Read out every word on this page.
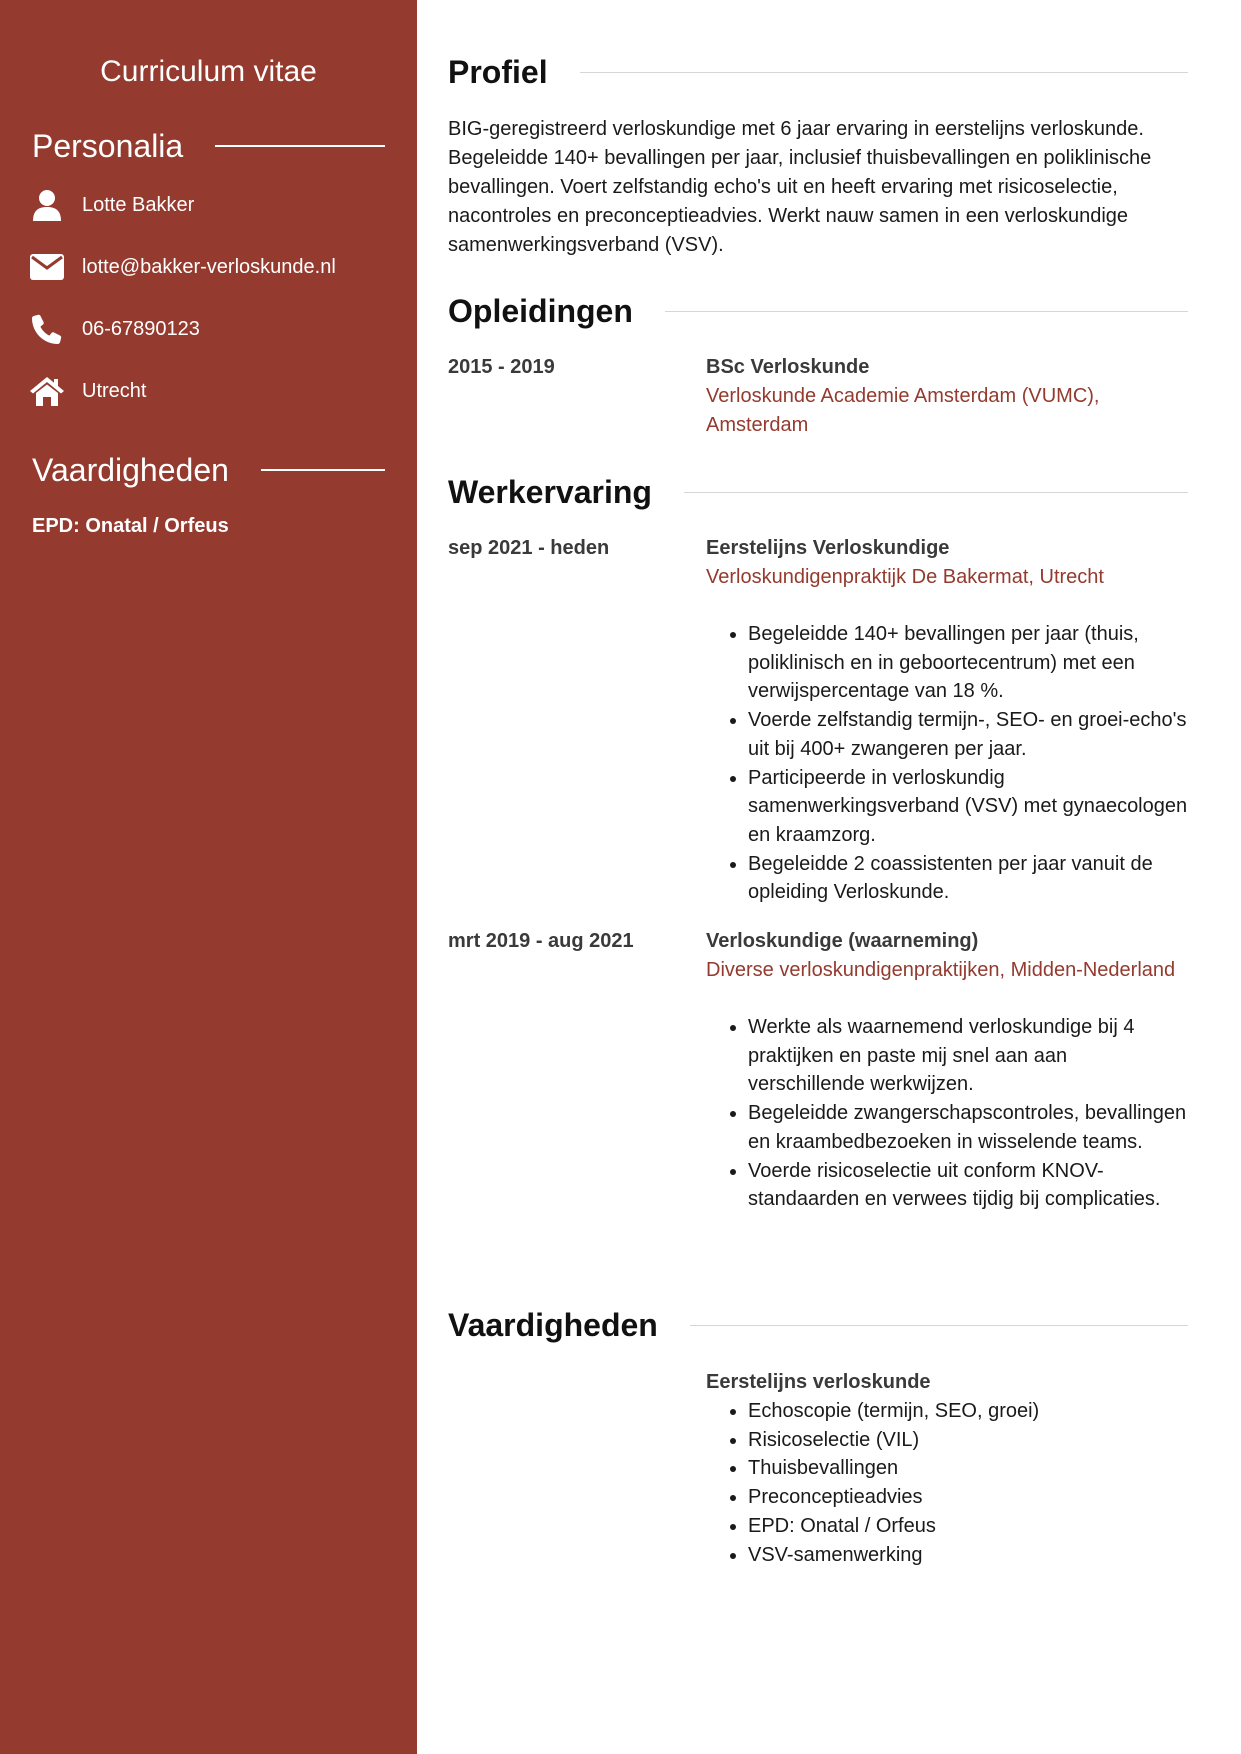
Curriculum vitae
Personalia
Lotte Bakker
lotte@bakker-verloskunde.nl
06-67890123
Utrecht
Vaardigheden
EPD: Onatal / Orfeus
Profiel
BIG-geregistreerd verloskundige met 6 jaar ervaring in eerstelijns verloskunde. Begeleidde 140+ bevallingen per jaar, inclusief thuisbevallingen en poliklinische bevallingen. Voert zelfstandig echo's uit en heeft ervaring met risicoselectie, nacontroles en preconceptieadvies. Werkt nauw samen in een verloskundige samenwerkingsverband (VSV).
Opleidingen
2015 - 2019	BSc Verloskunde
Verloskunde Academie Amsterdam (VUMC), Amsterdam
Werkervaring
sep 2021 - heden	Eerstelijns Verloskundige
Verloskundigenpraktijk De Bakermat, Utrecht
• Begeleidde 140+ bevallingen per jaar (thuis, poliklinisch en in geboortecentrum) met een verwijspercentage van 18 %.
• Voerde zelfstandig termijn-, SEO- en groei-echo's uit bij 400+ zwangeren per jaar.
• Participeerde in verloskundig samenwerkingsverband (VSV) met gynaecologen en kraamzorg.
• Begeleidde 2 coassistenten per jaar vanuit de opleiding Verloskunde.
mrt 2019 - aug 2021	Verloskundige (waarneming)
Diverse verloskundigenpraktijken, Midden-Nederland
• Werkte als waarnemend verloskundige bij 4 praktijken en paste mij snel aan aan verschillende werkwijzen.
• Begeleidde zwangerschapscontroles, bevallingen en kraambedbezoeken in wisselende teams.
• Voerde risicoselectie uit conform KNOV-standaarden en verwees tijdig bij complicaties.
Vaardigheden
Eerstelijns verloskunde
• Echoscopie (termijn, SEO, groei)
• Risicoselectie (VIL)
• Thuisbevallingen
• Preconceptieadvies
• EPD: Onatal / Orfeus
• VSV-samenwerking
